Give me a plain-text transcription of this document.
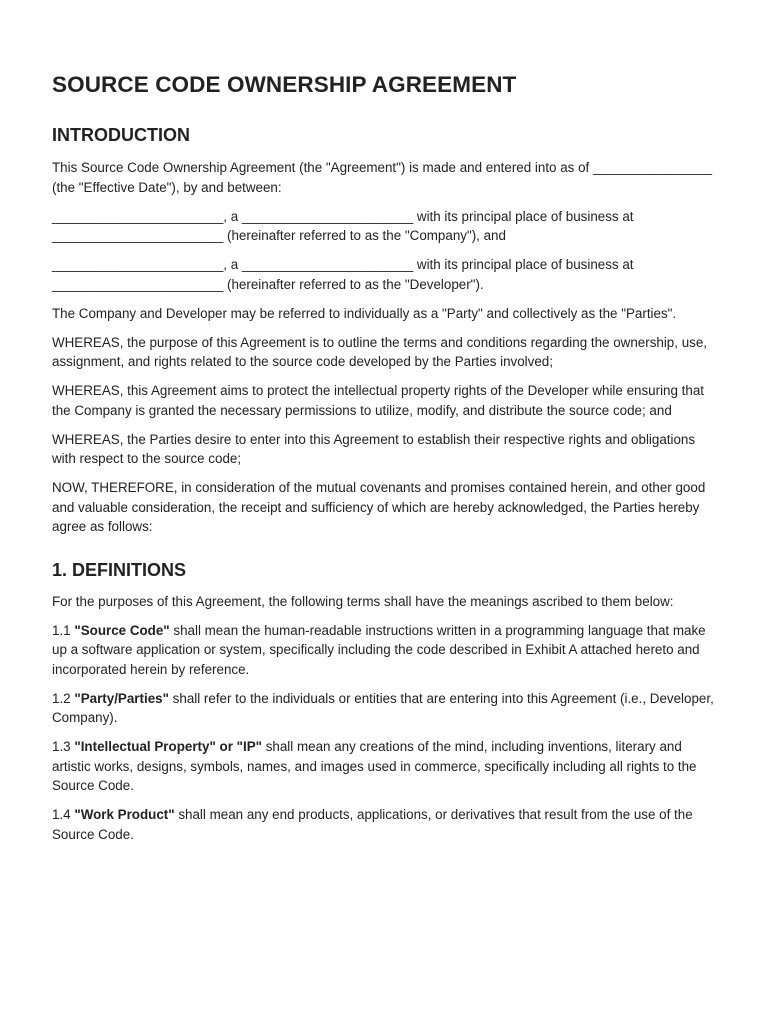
SOURCE CODE OWNERSHIP AGREEMENT
INTRODUCTION

This Source Code Ownership Agreement (the "Agreement") is made and entered into as of ________________ (the "Effective Date"), by and between:

_______________________, a _______________________ with its principal place of business at _______________________ (hereinafter referred to as the "Company"), and

_______________________, a _______________________ with its principal place of business at _______________________ (hereinafter referred to as the "Developer").

The Company and Developer may be referred to individually as a "Party" and collectively as the "Parties".

WHEREAS, the purpose of this Agreement is to outline the terms and conditions regarding the ownership, use, assignment, and rights related to the source code developed by the Parties involved;

WHEREAS, this Agreement aims to protect the intellectual property rights of the Developer while ensuring that the Company is granted the necessary permissions to utilize, modify, and distribute the source code; and

WHEREAS, the Parties desire to enter into this Agreement to establish their respective rights and obligations with respect to the source code;

NOW, THEREFORE, in consideration of the mutual covenants and promises contained herein, and other good and valuable consideration, the receipt and sufficiency of which are hereby acknowledged, the Parties hereby agree as follows:

1. DEFINITIONS

For the purposes of this Agreement, the following terms shall have the meanings ascribed to them below:

1.1 "Source Code" shall mean the human-readable instructions written in a programming language that make up a software application or system, specifically including the code described in Exhibit A attached hereto and incorporated herein by reference.

1.2 "Party/Parties" shall refer to the individuals or entities that are entering into this Agreement (i.e., Developer, Company).

1.3 "Intellectual Property" or "IP" shall mean any creations of the mind, including inventions, literary and artistic works, designs, symbols, names, and images used in commerce, specifically including all rights to the Source Code.

1.4 "Work Product" shall mean any end products, applications, or derivatives that result from the use of the Source Code.
